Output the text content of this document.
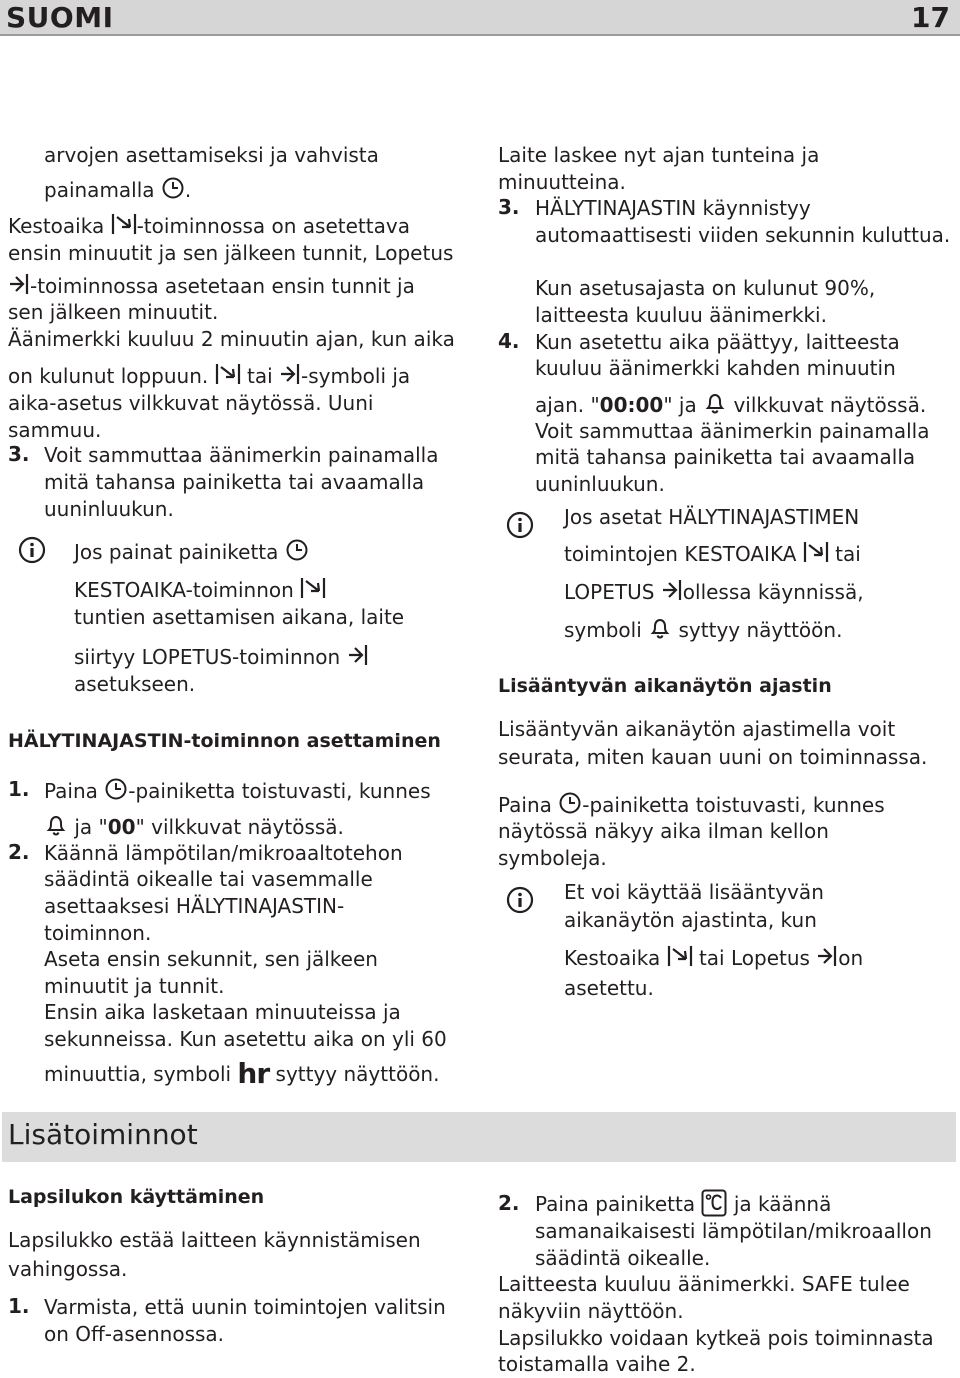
SUOMI	17
arvojen asettamiseksi ja vahvista
painamalla .
Kestoaika -toiminnossa on asetettava
ensin minuutit ja sen jälkeen tunnit, Lopetus
-toiminnossa asetetaan ensin tunnit ja
sen jälkeen minuutit.
Äänimerkki kuuluu 2 minuutin ajan, kun aika
on kulunut loppuun. tai -symboli ja
aika-asetus vilkkuvat näytössä. Uuni
sammuu.
3. Voit sammuttaa äänimerkin painamalla
mitä tahansa painiketta tai avaamalla
uuninluukun.
Jos painat painiketta
KESTOAIKA-toiminnon
tuntien asettamisen aikana, laite
siirtyy LOPETUS-toiminnon
asetukseen.
HÄLYTINAJASTIN-toiminnon asettaminen
1. Paina -painiketta toistuvasti, kunnes
ja "00" vilkkuvat näytössä.
2. Käännä lämpötilan/mikroaaltotehon
säädintä oikealle tai vasemmalle
asettaaksesi HÄLYTINAJASTIN-
toiminnon.
Aseta ensin sekunnit, sen jälkeen
minuutit ja tunnit.
Ensin aika lasketaan minuuteissa ja
sekunneissa. Kun asetettu aika on yli 60
minuuttia, symboli hr syttyy näyttöön.
Laite laskee nyt ajan tunteina ja
minuutteina.
3. HÄLYTINAJASTIN käynnistyy
automaattisesti viiden sekunnin kuluttua.
Kun asetusajasta on kulunut 90%,
laitteesta kuuluu äänimerkki.
4. Kun asetettu aika päättyy, laitteesta
kuuluu äänimerkki kahden minuutin
ajan. "00:00" ja vilkkuvat näytössä.
Voit sammuttaa äänimerkin painamalla
mitä tahansa painiketta tai avaamalla
uuninluukun.
Jos asetat HÄLYTINAJASTIMEN
toimintojen KESTOAIKA tai
LOPETUS ollessa käynnissä,
symboli syttyy näyttöön.
Lisääntyvän aikanäytön ajastin
Lisääntyvän aikanäytön ajastimella voit
seurata, miten kauan uuni on toiminnassa.
Paina -painiketta toistuvasti, kunnes
näytössä näkyy aika ilman kellon
symboleja.
Et voi käyttää lisääntyvän
aikanäytön ajastinta, kun
Kestoaika tai Lopetus on
asetettu.
Lisätoiminnot
Lapsilukon käyttäminen
Lapsilukko estää laitteen käynnistämisen
vahingossa.
1. Varmista, että uunin toimintojen valitsin
on Off-asennossa.
2. Paina painiketta ja käännä
samanaikaisesti lämpötilan/mikroaallon
säädintä oikealle.
Laitteesta kuuluu äänimerkki. SAFE tulee
näkyviin näyttöön.
Lapsilukko voidaan kytkeä pois toiminnasta
toistamalla vaihe 2.
